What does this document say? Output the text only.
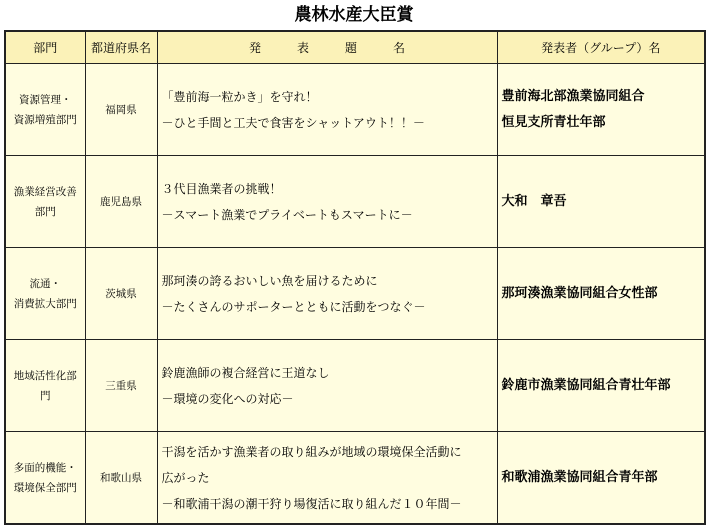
農林水産大臣賞
部門	都道府県名	発　　　表　　　題　　　名	発表者（グループ）名

資源管理・
資源増殖部門	福岡県	「豊前海一粒かき」を守れ！
－ひと手間と工夫で食害をシャットアウト！！－	豊前海北部漁業協同組合
恒見支所青壮年部

漁業経営改善
部門	鹿児島県	３代目漁業者の挑戦！
－スマート漁業でプライベートもスマートに－	大和　章吾

流通・
消費拡大部門	茨城県	那珂湊の誇るおいしい魚を届けるために
－たくさんのサポーターとともに活動をつなぐ－	那珂湊漁業協同組合女性部

地域活性化部
門	三重県	鈴鹿漁師の複合経営に王道なし
－環境の変化への対応－	鈴鹿市漁業協同組合青壮年部

多面的機能・
環境保全部門	和歌山県	干潟を活かす漁業者の取り組みが地域の環境保全活動に
広がった
－和歌浦干潟の潮干狩り場復活に取り組んだ１０年間－	和歌浦漁業協同組合青年部
